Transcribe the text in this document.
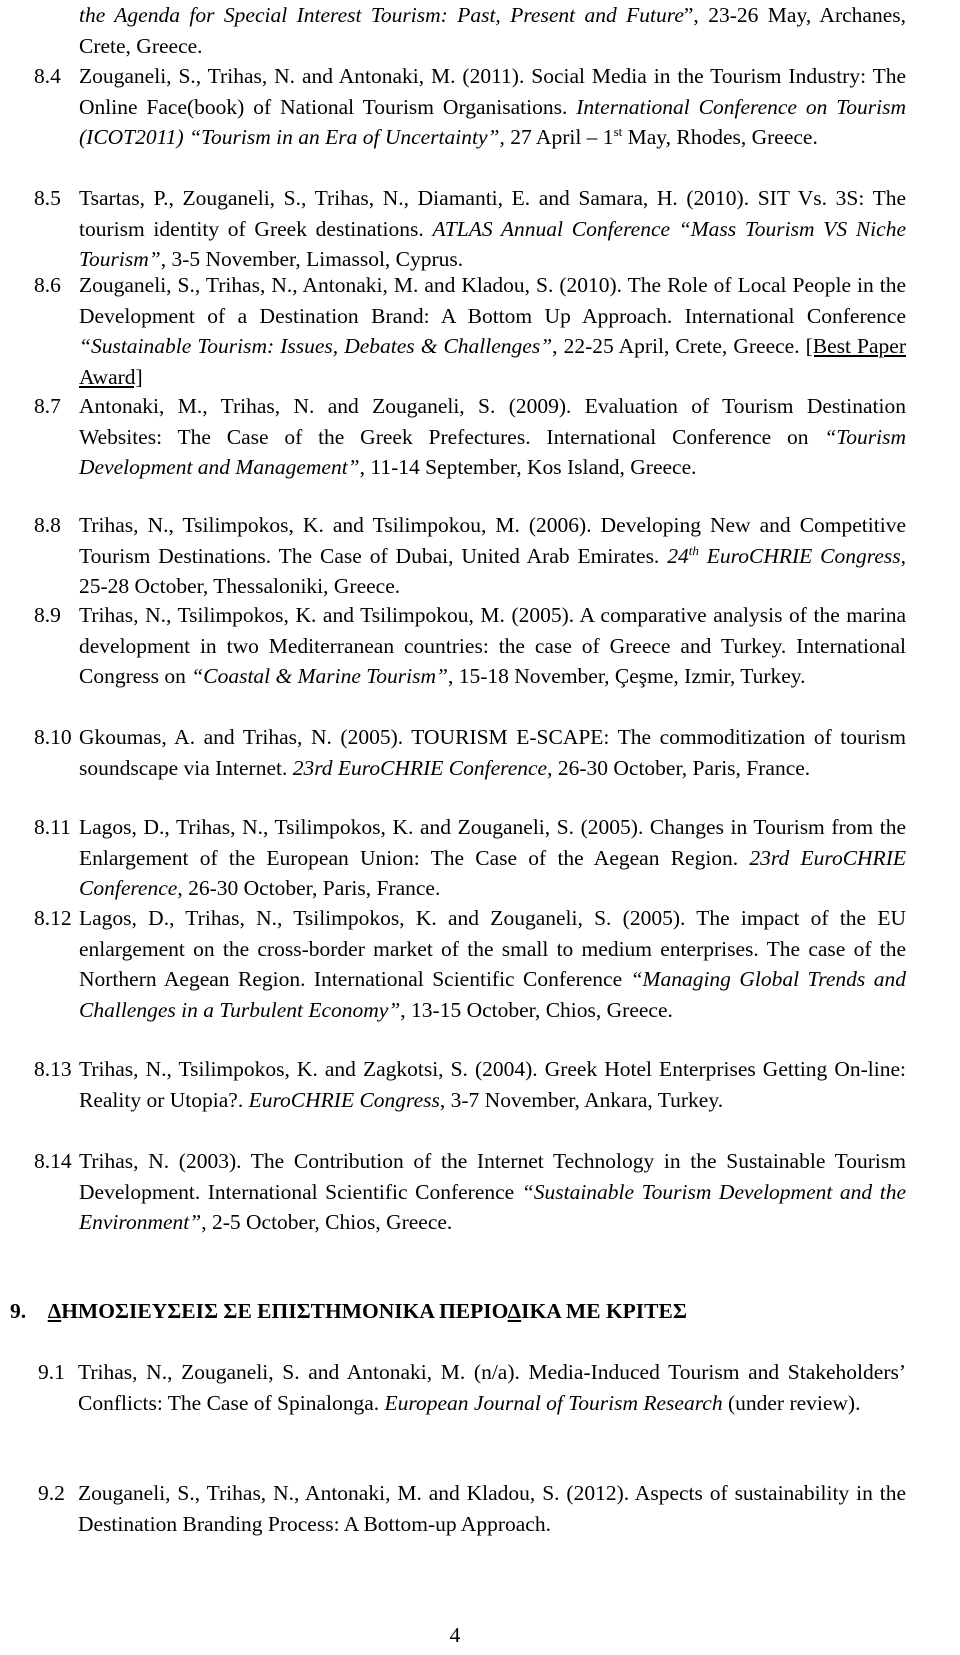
the Agenda for Special Interest Tourism: Past, Present and Future”, 23-26 May, Archanes, Crete, Greece.
8.4 Zouganeli, S., Trihas, N. and Antonaki, M. (2011). Social Media in the Tourism Industry: The Online Face(book) of National Tourism Organisations. International Conference on Tourism (ICOT2011) “Tourism in an Era of Uncertainty”, 27 April – 1st May, Rhodes, Greece.
8.5 Tsartas, P., Zouganeli, S., Trihas, N., Diamanti, E. and Samara, H. (2010). SIT Vs. 3S: The tourism identity of Greek destinations. ATLAS Annual Conference “Mass Tourism VS Niche Tourism”, 3-5 November, Limassol, Cyprus.
8.6 Zouganeli, S., Trihas, N., Antonaki, M. and Kladou, S. (2010). The Role of Local People in the Development of a Destination Brand: A Bottom Up Approach. International Conference “Sustainable Tourism: Issues, Debates & Challenges”, 22-25 April, Crete, Greece. [Best Paper Award]
8.7 Antonaki, M., Trihas, N. and Zouganeli, S. (2009). Evaluation of Tourism Destination Websites: The Case of the Greek Prefectures. International Conference on “Tourism Development and Management”, 11-14 September, Kos Island, Greece.
8.8 Trihas, N., Tsilimpokos, K. and Tsilimpokou, M. (2006). Developing New and Competitive Tourism Destinations. The Case of Dubai, United Arab Emirates. 24th EuroCHRIE Congress, 25-28 October, Thessaloniki, Greece.
8.9 Trihas, N., Tsilimpokos, K. and Tsilimpokou, M. (2005). A comparative analysis of the marina development in two Mediterranean countries: the case of Greece and Turkey. International Congress on “Coastal & Marine Tourism”, 15-18 November, Çeşme, Izmir, Turkey.
8.10 Gkoumas, A. and Trihas, N. (2005). TOURISM E-SCAPE: The commoditization of tourism soundscape via Internet. 23rd EuroCHRIE Conference, 26-30 October, Paris, France.
8.11 Lagos, D., Trihas, N., Tsilimpokos, K. and Zouganeli, S. (2005). Changes in Tourism from the Enlargement of the European Union: The Case of the Aegean Region. 23rd EuroCHRIE Conference, 26-30 October, Paris, France.
8.12 Lagos, D., Trihas, N., Tsilimpokos, K. and Zouganeli, S. (2005). The impact of the EU enlargement on the cross-border market of the small to medium enterprises. The case of the Northern Aegean Region. International Scientific Conference “Managing Global Trends and Challenges in a Turbulent Economy”, 13-15 October, Chios, Greece.
8.13 Trihas, N., Tsilimpokos, K. and Zagkotsi, S. (2004). Greek Hotel Enterprises Getting On-line: Reality or Utopia?. EuroCHRIE Congress, 3-7 November, Ankara, Turkey.
8.14 Trihas, N. (2003). The Contribution of the Internet Technology in the Sustainable Tourism Development. International Scientific Conference “Sustainable Tourism Development and the Environment”, 2-5 October, Chios, Greece.
9. ΔΗΜΟΣΙΕΥΣΕΙΣ ΣΕ ΕΠΙΣΤΗΜΟΝΙΚΑ ΠΕΡΙΟΔΙΚΑ ΜΕ ΚΡΙΤΕΣ
9.1 Trihas, N., Zouganeli, S. and Antonaki, M. (n/a). Media-Induced Tourism and Stakeholders’ Conflicts: The Case of Spinalonga. European Journal of Tourism Research (under review).
9.2 Zouganeli, S., Trihas, N., Antonaki, M. and Kladou, S. (2012). Aspects of sustainability in the Destination Branding Process: A Bottom-up Approach.
4
